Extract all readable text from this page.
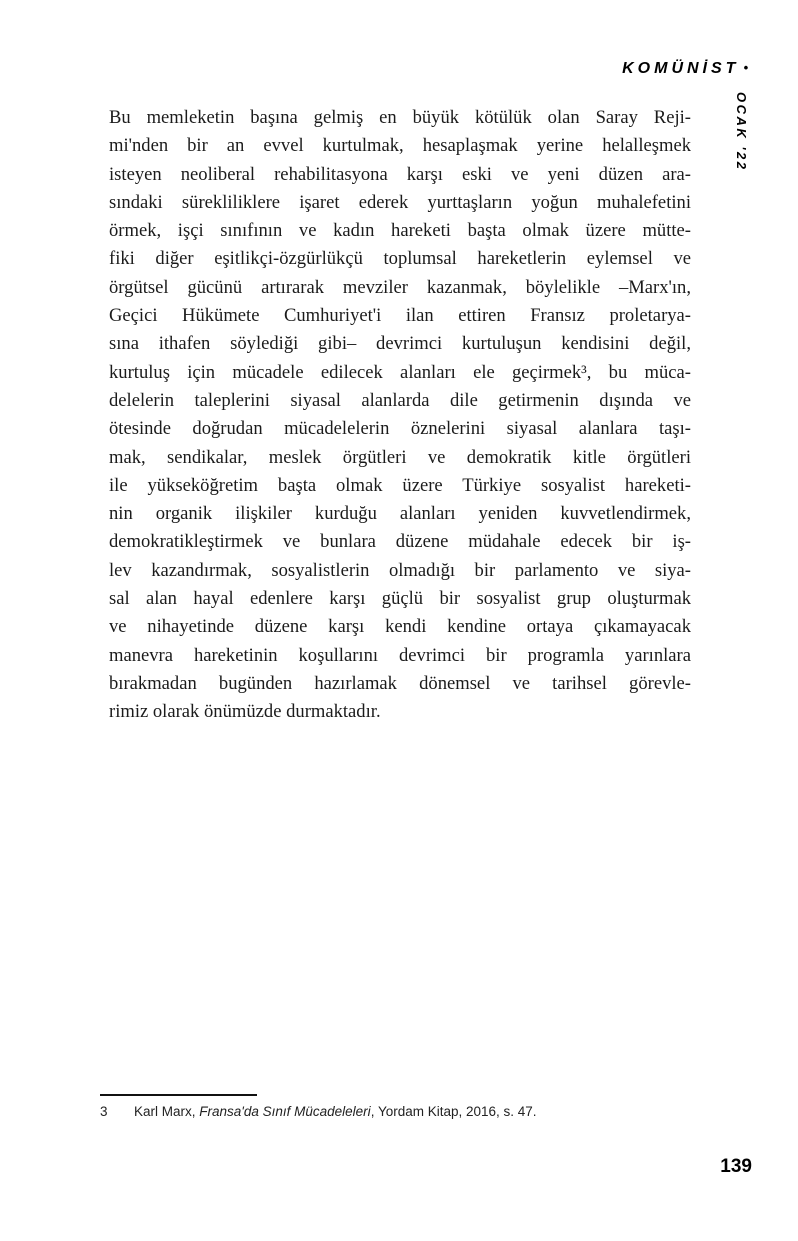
KOMÜNİST •
OCAK '22
Bu memleketin başına gelmiş en büyük kötülük olan Saray Reji-
mi'nden bir an evvel kurtulmak, hesaplaşmak yerine helalleşmek
isteyen neoliberal rehabilitasyona karşı eski ve yeni düzen ara-
sındaki sürekliliklere işaret ederek yurttaşların yoğun muhalefetini
örmek, işçi sınıfının ve kadın hareketi başta olmak üzere mütte-
fiki diğer eşitlikçi-özgürlükçü toplumsal hareketlerin eylemsel ve
örgütsel gücünü artırarak mevziler kazanmak, böylelikle –Marx'ın,
Geçici Hükümete Cumhuriyet'i ilan ettiren Fransız proletarya-
sına ithafen söylediği gibi– devrimci kurtuluşun kendisini değil,
kurtuluş için mücadele edilecek alanları ele geçirmek³, bu müca-
delelerin taleplerini siyasal alanlarda dile getirmenin dışında ve
ötesinde doğrudan mücadelelerin öznelerini siyasal alanlara taşı-
mak, sendikalar, meslek örgütleri ve demokratik kitle örgütleri
ile yükseköğretim başta olmak üzere Türkiye sosyalist hareketi-
nin organik ilişkiler kurduğu alanları yeniden kuvvetlendirmek,
demokratikleştirmek ve bunlara düzene müdahale edecek bir iş-
lev kazandırmak, sosyalistlerin olmadığı bir parlamento ve siya-
sal alan hayal edenlere karşı güçlü bir sosyalist grup oluşturmak
ve nihayetinde düzene karşı kendi kendine ortaya çıkamayacak
manevra hareketinin koşullarını devrimci bir programla yarınlara
bırakmadan bugünden hazırlamak dönemsel ve tarihsel görevle-
rimiz olarak önümüzde durmaktadır.
3 Karl Marx, Fransa'da Sınıf Mücadeleleri, Yordam Kitap, 2016, s. 47.
139
